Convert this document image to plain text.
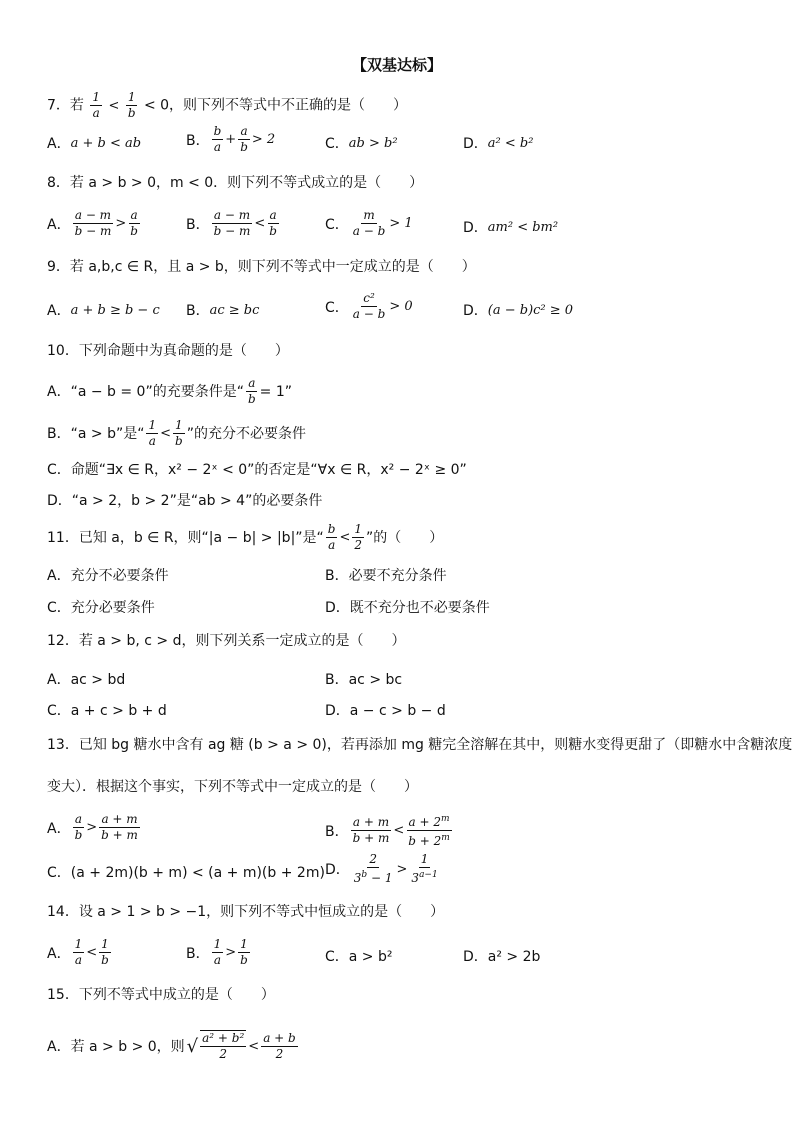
【双基达标】
7．若 $\frac{1}{a} < \frac{1}{b} < 0$，则下列不等式中不正确的是（　　）
A． a + b < ab	B． $\frac{b}{a} + \frac{a}{b} > 2$	C． ab > b²	D． a² < b²
8．若 a > b > 0，m < 0．则下列不等式成立的是（　　）
A． $\frac{a - m}{b - m} > \frac{a}{b}$	B． $\frac{a - m}{b - m} < \frac{a}{b}$	C． $\frac{m}{a - b} > 1$	D． am² < bm²
9．若 a,b,c ∈ R，且 a > b，则下列不等式中一定成立的是（　　）
A． a + b ≥ b − c B． ac ≥ bc	C． $\frac{\text{c²}}{a - b} > 0$	D． (a − b)c² ≥ 0
10．下列命题中为真命题的是（　　）
A．“a − b = 0”的充要条件是“ $\frac{a}{b} = 1$”
B．“a > b”是“ $\frac{1}{a} < \frac{1}{b}$ ”的充分不必要条件
C．命题“∃x ∈ R，x² − 2ˣ < 0”的否定是“∀x ∈ R，x² − 2ˣ ≥ 0”
D．“a > 2，b > 2”是“ab > 4”的必要条件
11．已知 a，b ∈ R，则“|a − b| > |b|”是“ $\frac{b}{a} < \frac{1}{2}$ ”的（　　）
A．充分不必要条件	B．必要不充分条件
C．充分必要条件	D．既不充分也不必要条件
12．若 a > b, c > d，则下列关系一定成立的是（　　）
A．ac > bd	B．ac > bc
C．a + c > b + d	D．a − c > b − d
13．已知 bg 糖水中含有 ag 糖 (b > a > 0)，若再添加 mg 糖完全溶解在其中，则糖水变得更甜了（即糖水中含糖浓度
变大）．根据这个事实，下列不等式中一定成立的是（　　）
A． $\frac{a}{b} > \frac{a + m}{b + m}$	B． $\frac{a + m}{b + m} < \frac{a + 2^m}{b + 2^m}$
C．(a + 2m)(b + m) < (a + m)(b + 2m) D． $\frac{2}{3^b - 1} > \frac{1}{3^{a-1}}$
14．设 a > 1 > b > −1，则下列不等式中恒成立的是（　　）
A． $\frac{1}{a} < \frac{1}{b}$	B． $\frac{1}{a} > \frac{1}{b}$	C．a > b²	D．a² > 2b
15．下列不等式中成立的是（　　）
A．若 a > b > 0，则 √ $\frac{\text{a² + b²}}{2} < \frac{a + b}{2}$
